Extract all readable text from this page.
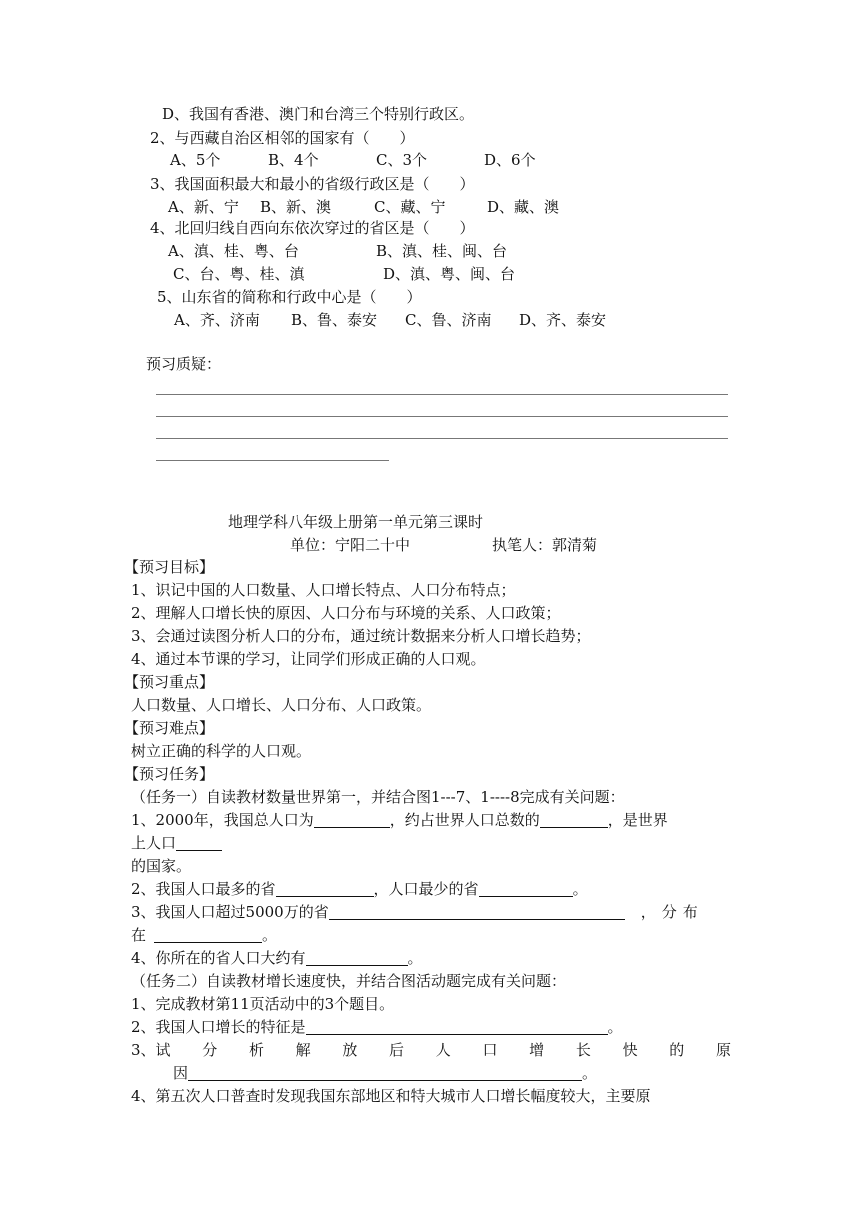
D、我国有香港、澳门和台湾三个特别行政区。
2、与西藏自治区相邻的国家有（　　）
A、5个	B、4个	C、3个	D、6个
3、我国面积最大和最小的省级行政区是（　　）
A、新、宁 B、新、澳	C、藏、宁	D、藏、澳
4、北回归线自西向东依次穿过的省区是（　　）
A、滇、桂、粤、台	B、滇、桂、闽、台
C、台、粤、桂、滇	D、滇、粤、闽、台
5、山东省的简称和行政中心是（　　）
A、齐、济南 B、鲁、泰安 C、鲁、济南 D、齐、泰安
预习质疑：
地理学科八年级上册第一单元第三课时
单位：宁阳二十中	执笔人：郭清菊
【预习目标】
1、识记中国的人口数量、人口增长特点、人口分布特点；
2、理解人口增长快的原因、人口分布与环境的关系、人口政策；
3、会通过读图分析人口的分布，通过统计数据来分析人口增长趋势；
4、通过本节课的学习，让同学们形成正确的人口观。
【预习重点】
人口数量、人口增长、人口分布、人口政策。
【预习难点】
树立正确的科学的人口观。
【预习任务】
（任务一）自读教材数量世界第一，并结合图1---7、1----8完成有关问题：
1、2000年，我国总人口为	，约占世界人口总数的	，是世界
上人口
的国家。
2、我国人口最多的省	，人口最少的省	。
3、我国人口超过5000万的省	，分布
在	。
4、你所在的省人口大约有	。
（任务二）自读教材增长速度快，并结合图活动题完成有关问题：
1、完成教材第11页活动中的3个题目。
2、我国人口增长的特征是	。
3、试 分 析 解 放 后 人 口 增 长 快 的 原
因	。
4、第五次人口普查时发现我国东部地区和特大城市人口增长幅度较大，主要原
